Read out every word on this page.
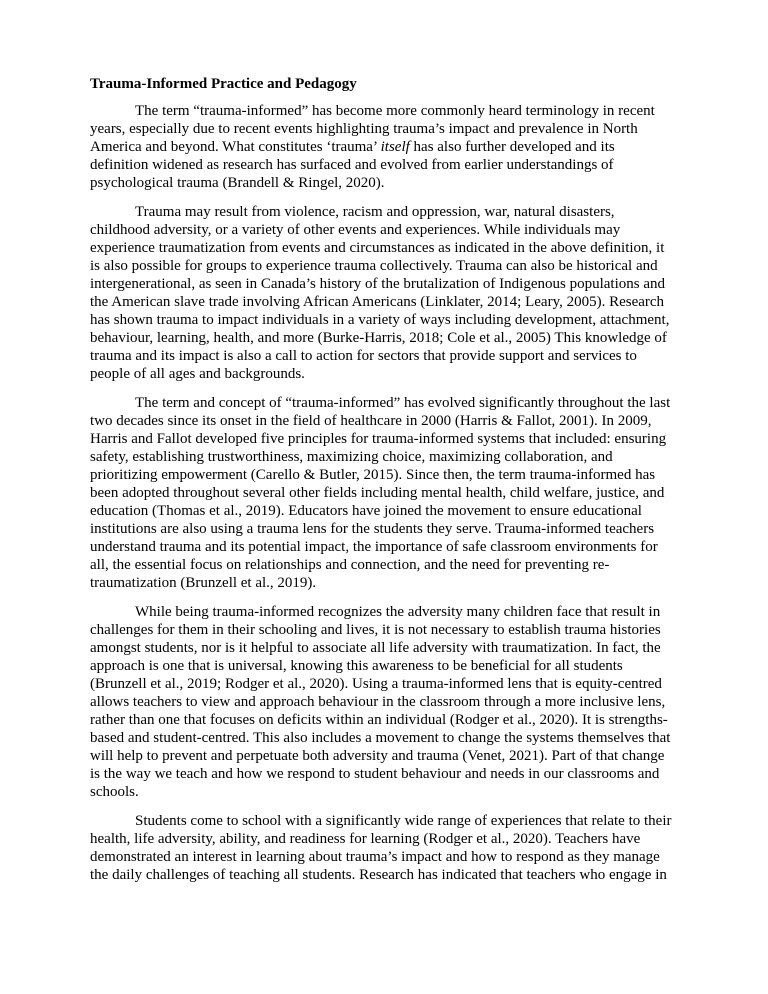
Trauma-Informed Practice and Pedagogy

The term “trauma-informed” has become more commonly heard terminology in recent
years, especially due to recent events highlighting trauma’s impact and prevalence in North
America and beyond. What constitutes ‘trauma’ itself has also further developed and its
definition widened as research has surfaced and evolved from earlier understandings of
psychological trauma (Brandell & Ringel, 2020).

Trauma may result from violence, racism and oppression, war, natural disasters,
childhood adversity, or a variety of other events and experiences. While individuals may
experience traumatization from events and circumstances as indicated in the above definition, it
is also possible for groups to experience trauma collectively. Trauma can also be historical and
intergenerational, as seen in Canada’s history of the brutalization of Indigenous populations and
the American slave trade involving African Americans (Linklater, 2014; Leary, 2005). Research
has shown trauma to impact individuals in a variety of ways including development, attachment,
behaviour, learning, health, and more (Burke-Harris, 2018; Cole et al., 2005) This knowledge of
trauma and its impact is also a call to action for sectors that provide support and services to
people of all ages and backgrounds.

The term and concept of “trauma-informed” has evolved significantly throughout the last
two decades since its onset in the field of healthcare in 2000 (Harris & Fallot, 2001). In 2009,
Harris and Fallot developed five principles for trauma-informed systems that included: ensuring
safety, establishing trustworthiness, maximizing choice, maximizing collaboration, and
prioritizing empowerment (Carello & Butler, 2015). Since then, the term trauma-informed has
been adopted throughout several other fields including mental health, child welfare, justice, and
education (Thomas et al., 2019). Educators have joined the movement to ensure educational
institutions are also using a trauma lens for the students they serve. Trauma-informed teachers
understand trauma and its potential impact, the importance of safe classroom environments for
all, the essential focus on relationships and connection, and the need for preventing re-
traumatization (Brunzell et al., 2019).

While being trauma-informed recognizes the adversity many children face that result in
challenges for them in their schooling and lives, it is not necessary to establish trauma histories
amongst students, nor is it helpful to associate all life adversity with traumatization. In fact, the
approach is one that is universal, knowing this awareness to be beneficial for all students
(Brunzell et al., 2019; Rodger et al., 2020). Using a trauma-informed lens that is equity-centred
allows teachers to view and approach behaviour in the classroom through a more inclusive lens,
rather than one that focuses on deficits within an individual (Rodger et al., 2020). It is strengths-
based and student-centred. This also includes a movement to change the systems themselves that
will help to prevent and perpetuate both adversity and trauma (Venet, 2021). Part of that change
is the way we teach and how we respond to student behaviour and needs in our classrooms and
schools.

Students come to school with a significantly wide range of experiences that relate to their
health, life adversity, ability, and readiness for learning (Rodger et al., 2020). Teachers have
demonstrated an interest in learning about trauma’s impact and how to respond as they manage
the daily challenges of teaching all students. Research has indicated that teachers who engage in
